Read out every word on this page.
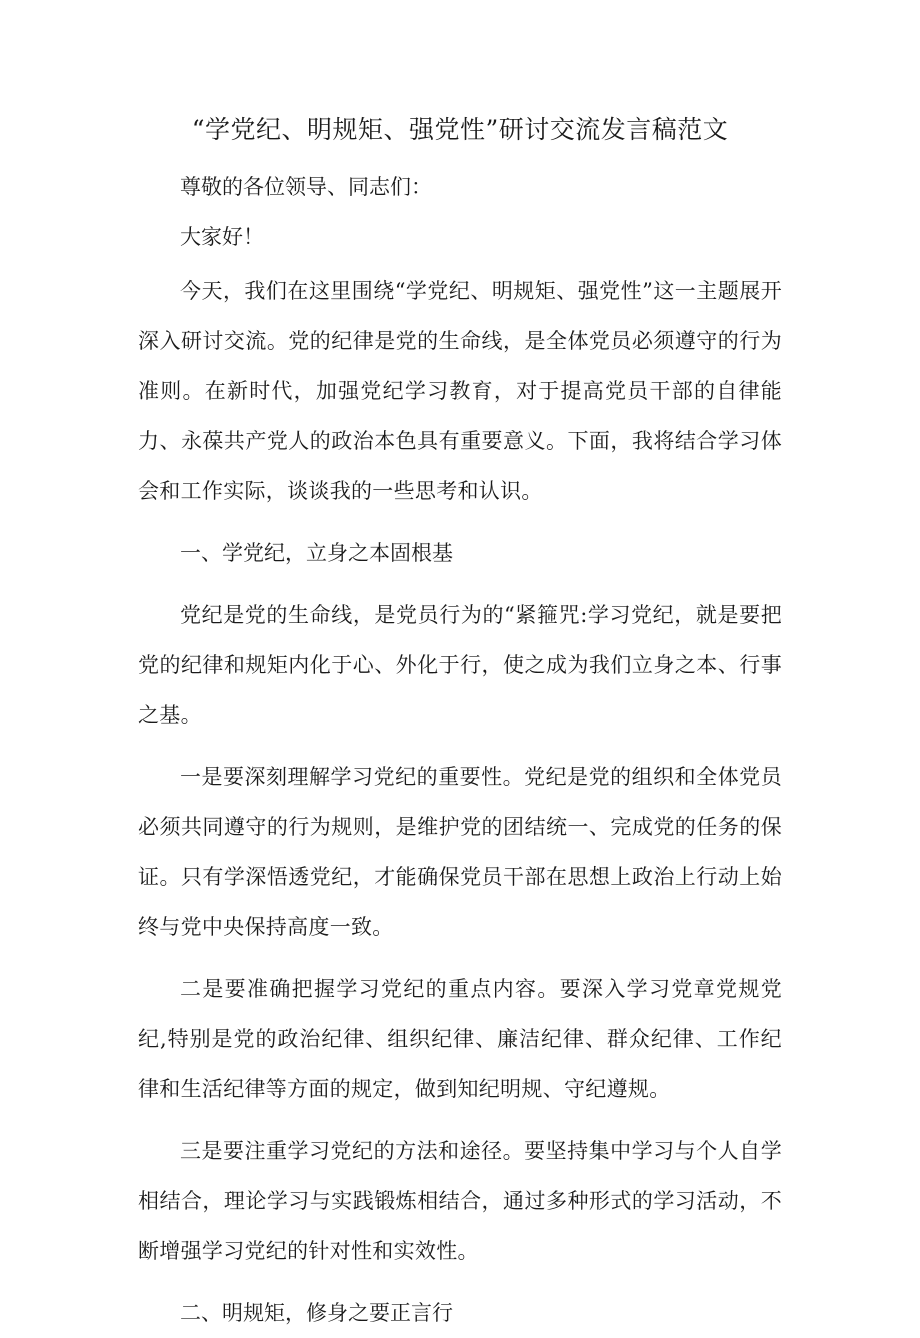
“学党纪、明规矩、强党性”研讨交流发言稿范文

尊敬的各位领导、同志们：

大家好！

今天，我们在这里围绕“学党纪、明规矩、强党性”这一主题展开深入研讨交流。党的纪律是党的生命线，是全体党员必须遵守的行为准则。在新时代，加强党纪学习教育，对于提高党员干部的自律能力、永葆共产党人的政治本色具有重要意义。下面，我将结合学习体会和工作实际，谈谈我的一些思考和认识。

一、学党纪，立身之本固根基

党纪是党的生命线，是党员行为的“紧箍咒:学习党纪，就是要把党的纪律和规矩内化于心、外化于行，使之成为我们立身之本、行事之基。

一是要深刻理解学习党纪的重要性。党纪是党的组织和全体党员必须共同遵守的行为规则，是维护党的团结统一、完成党的任务的保证。只有学深悟透党纪，才能确保党员干部在思想上政治上行动上始终与党中央保持高度一致。

二是要准确把握学习党纪的重点内容。要深入学习党章党规党纪,特别是党的政治纪律、组织纪律、廉洁纪律、群众纪律、工作纪律和生活纪律等方面的规定，做到知纪明规、守纪遵规。

三是要注重学习党纪的方法和途径。要坚持集中学习与个人自学相结合，理论学习与实践锻炼相结合，通过多种形式的学习活动，不断增强学习党纪的针对性和实效性。

二、明规矩，修身之要正言行
